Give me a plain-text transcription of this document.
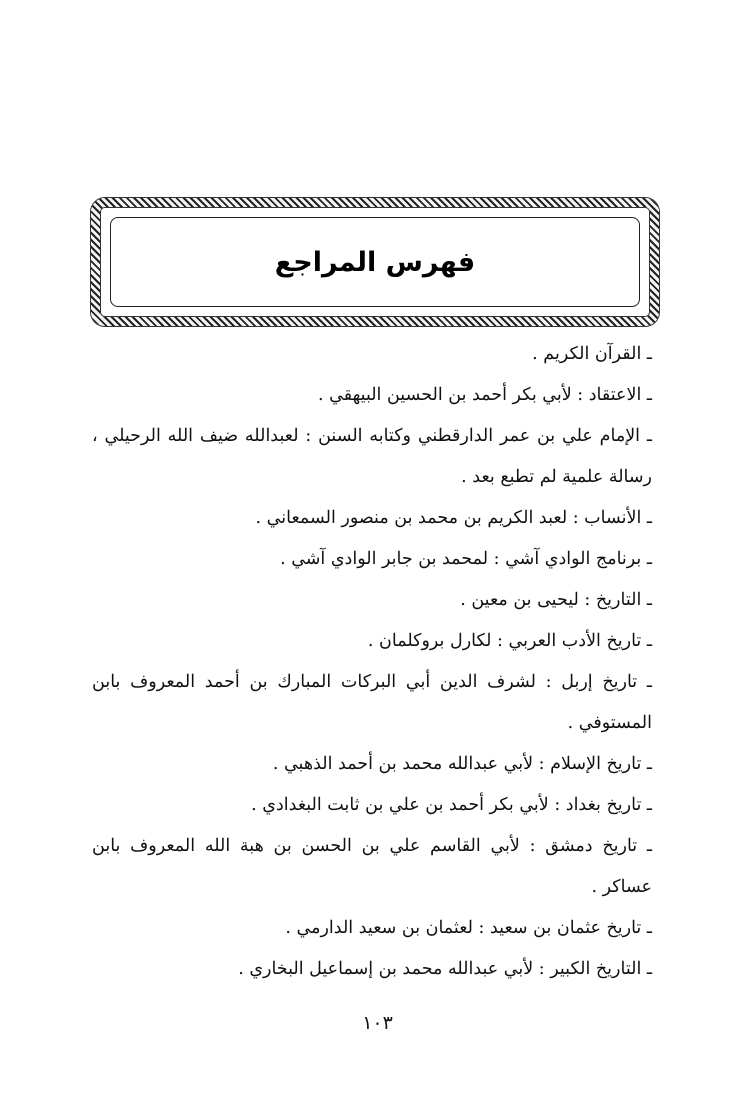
فهرس المراجع

ـ القرآن الكريم .

ـ الاعتقاد : لأبي بكر أحمد بن الحسين البيهقي .

ـ الإمام علي بن عمر الدارقطني وكتابه السنن : لعبدالله ضيف الله الرحيلي ، رسالة علمية لم تطبع بعد .

ـ الأنساب : لعبد الكريم بن محمد بن منصور السمعاني .

ـ برنامج الوادي آشي : لمحمد بن جابر الوادي آشي .

ـ التاريخ : ليحيى بن معين .

ـ تاريخ الأدب العربي : لكارل بروكلمان .

ـ تاريخ إربل : لشرف الدين أبي البركات المبارك بن أحمد المعروف بابن المستوفي .

ـ تاريخ الإسلام : لأبي عبدالله محمد بن أحمد الذهبي .

ـ تاريخ بغداد : لأبي بكر أحمد بن علي بن ثابت البغدادي .

ـ تاريخ دمشق : لأبي القاسم علي بن الحسن بن هبة الله المعروف بابن عساكر .

ـ تاريخ عثمان بن سعيد : لعثمان بن سعيد الدارمي .

ـ التاريخ الكبير : لأبي عبدالله محمد بن إسماعيل البخاري .

١٠٣
